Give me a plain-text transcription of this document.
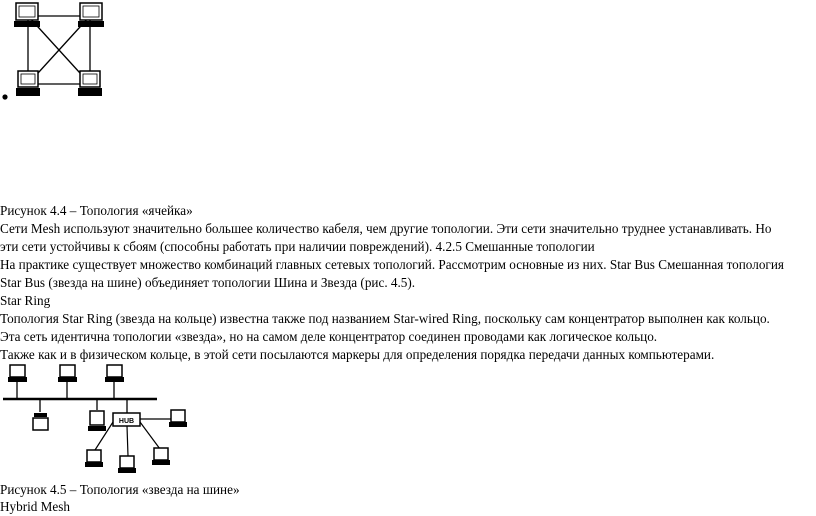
Рисунок 4.4 – Топология «ячейка»
Сети Mesh используют значительно большее количество кабеля, чем другие топологии. Эти сети значительно труднее устанавливать. Но
эти сети устойчивы к сбоям (способны работать при наличии повреждений). 4.2.5 Смешанные топологии
На практике существует множество комбинаций главных сетевых топологий. Рассмотрим основные из них. Star Bus Смешанная топология
Star Bus (звезда на шине) объединяет топологии Шина и Звезда (рис. 4.5).
Star Ring
Топология Star Ring (звезда на кольце) известна также под названием Star-wired Ring, поскольку сам концентратор выполнен как кольцо.
Эта сеть идентична топологии «звезда», но на самом деле концентратор соединен проводами как логическое кольцо.
Также как и в физическом кольце, в этой сети посылаются маркеры для определения порядка передачи данных компьютерами.
HUB
Рисунок 4.5 – Топология «звезда на шине»
Hybrid Mesh
